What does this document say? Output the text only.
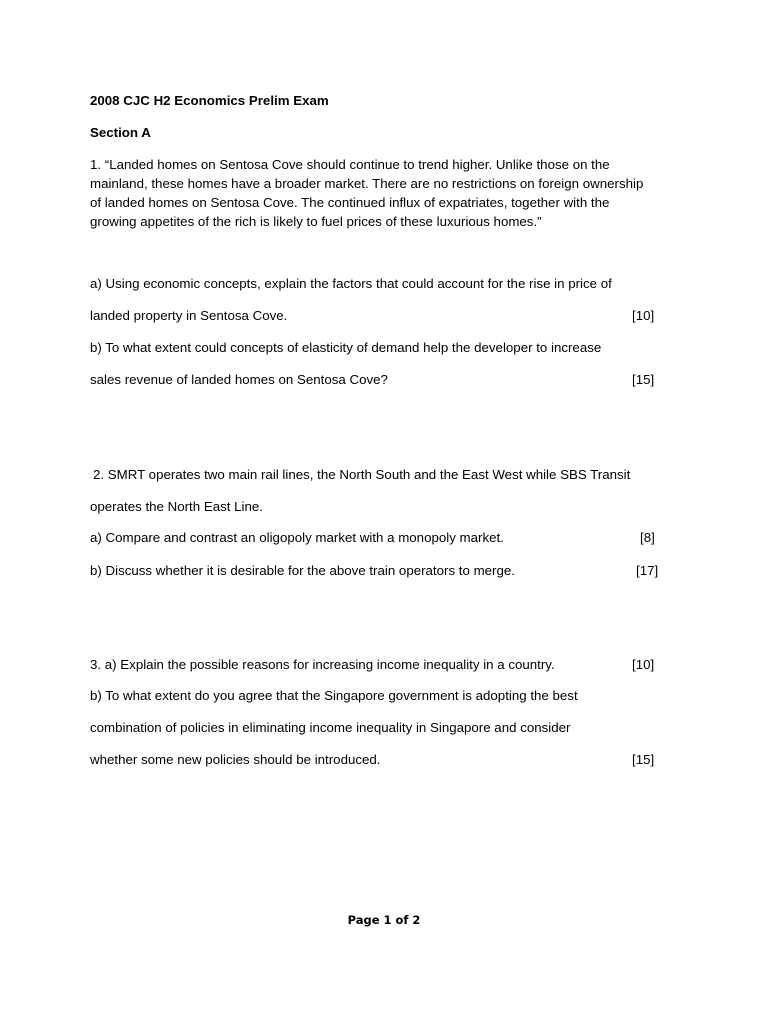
2008 CJC H2 Economics Prelim Exam
Section A
1. “Landed homes on Sentosa Cove should continue to trend higher. Unlike those on the
mainland, these homes have a broader market. There are no restrictions on foreign ownership
of landed homes on Sentosa Cove. The continued influx of expatriates, together with the
growing appetites of the rich is likely to fuel prices of these luxurious homes.”
a) Using economic concepts, explain the factors that could account for the rise in price of
landed property in Sentosa Cove.	[10]
b) To what extent could concepts of elasticity of demand help the developer to increase
sales revenue of landed homes on Sentosa Cove?	[15]
2. SMRT operates two main rail lines, the North South and the East West while SBS Transit
operates the North East Line.
a) Compare and contrast an oligopoly market with a monopoly market.	[8]
b) Discuss whether it is desirable for the above train operators to merge.	[17]
3. a) Explain the possible reasons for increasing income inequality in a country.	[10]
b) To what extent do you agree that the Singapore government is adopting the best
combination of policies in eliminating income inequality in Singapore and consider
whether some new policies should be introduced.	[15]
Page 1 of 2
